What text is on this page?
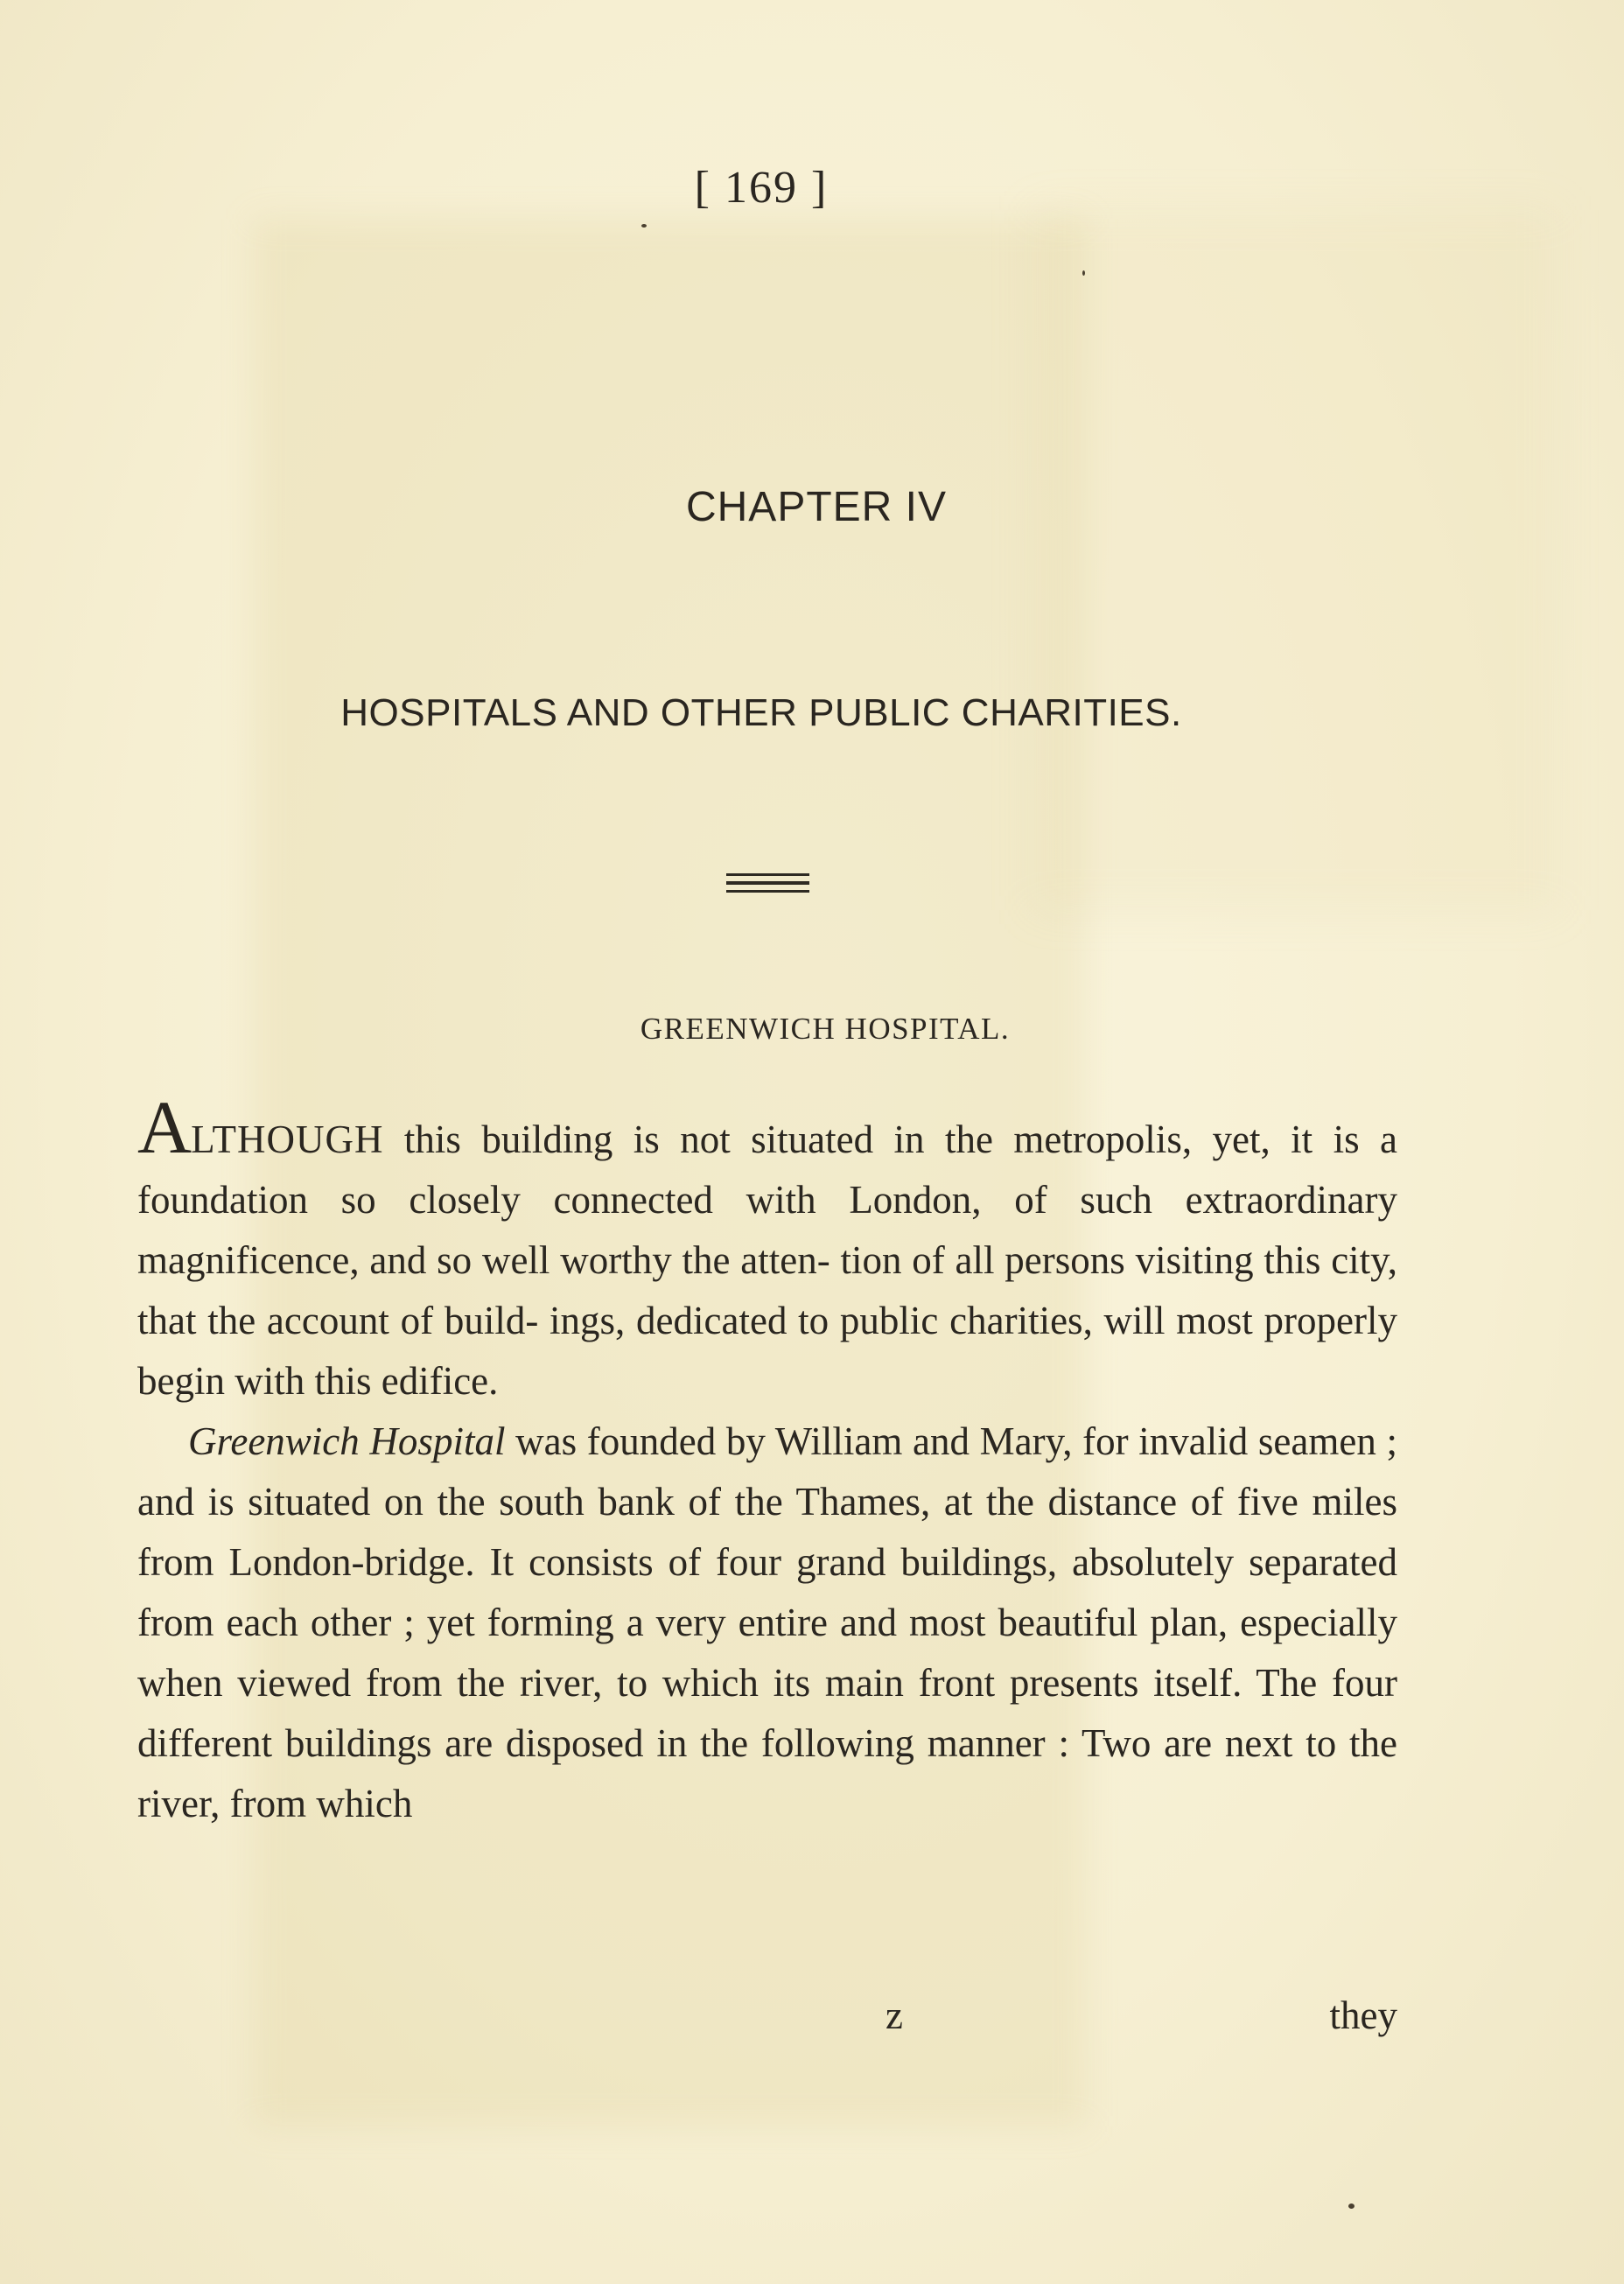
[ 169 ]
CHAPTER IV
HOSPITALS AND OTHER PUBLIC CHARITIES.
GREENWICH HOSPITAL.

ALTHOUGH this building is not situated in the metropolis, yet, it is a foundation so closely connected with London, of such extraordinary magnificence, and so well worthy the atten- tion of all persons visiting this city, that the account of build- ings, dedicated to public charities, will most properly begin with this edifice.

Greenwich Hospital was founded by William and Mary, for invalid seamen ; and is situated on the south bank of the Thames, at the distance of five miles from London-bridge. It consists of four grand buildings, absolutely separated from each other ; yet forming a very entire and most beautiful plan, especially when viewed from the river, to which its main front presents itself. The four different buildings are disposed in the following manner : Two are next to the river, from which

z	they
